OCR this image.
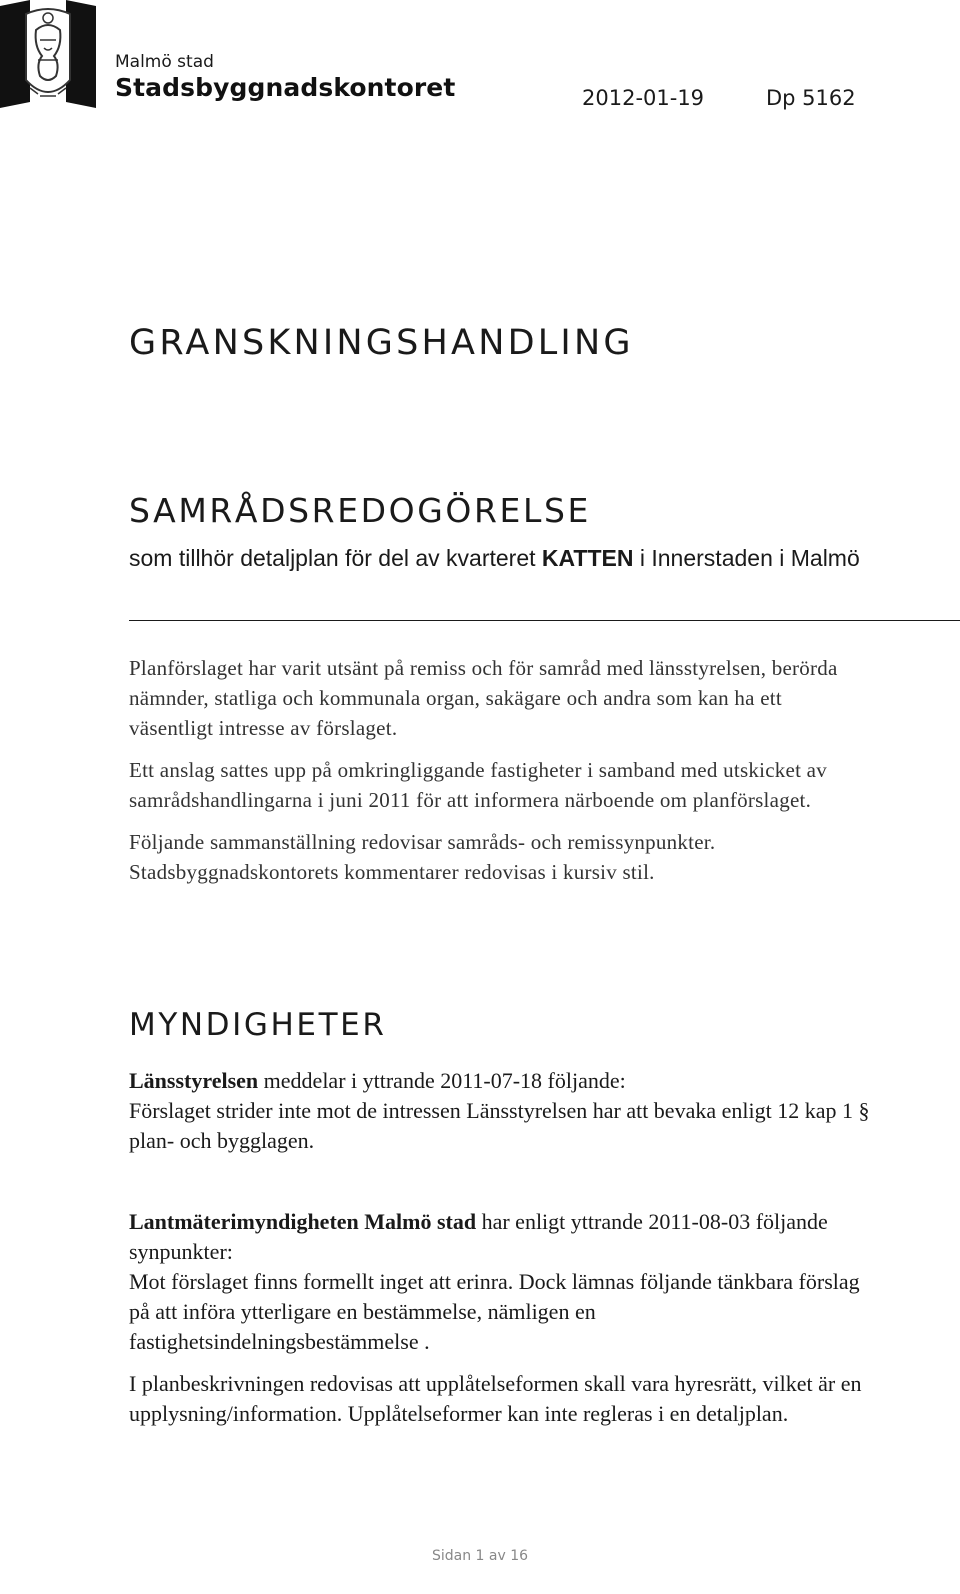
Malmö stad
Stadsbyggnadskontoret	2012-01-19	Dp 5162
GRANSKNINGSHANDLING
SAMRÅDSREDOGÖRELSE
som tillhör detaljplan för del av kvarteret KATTEN i Innerstaden i Malmö

Planförslaget har varit utsänt på remiss och för samråd med länsstyrelsen, berörda nämnder, statliga och kommunala organ, sakägare och andra som kan ha ett väsentligt intresse av förslaget.

Ett anslag sattes upp på omkringliggande fastigheter i samband med utskicket av samrådshandlingarna i juni 2011 för att informera närboende om planförslaget.

Följande sammanställning redovisar samråds- och remissynpunkter. Stadsbyggnadskontorets kommentarer redovisas i kursiv stil.

MYNDIGHETER

Länsstyrelsen meddelar i yttrande 2011-07-18 följande:
Förslaget strider inte mot de intressen Länsstyrelsen har att bevaka enligt 12 kap 1 § plan- och bygglagen.

Lantmäterimyndigheten Malmö stad har enligt yttrande 2011-08-03 följande synpunkter:
Mot förslaget finns formellt inget att erinra. Dock lämnas följande tänkbara förslag på att införa ytterligare en bestämmelse, nämligen en fastighetsindelningsbestämmelse .

I planbeskrivningen redovisas att upplåtelseformen skall vara hyresrätt, vilket är en upplysning/information. Upplåtelseformer kan inte regleras i en detaljplan.

Sidan 1 av 16
